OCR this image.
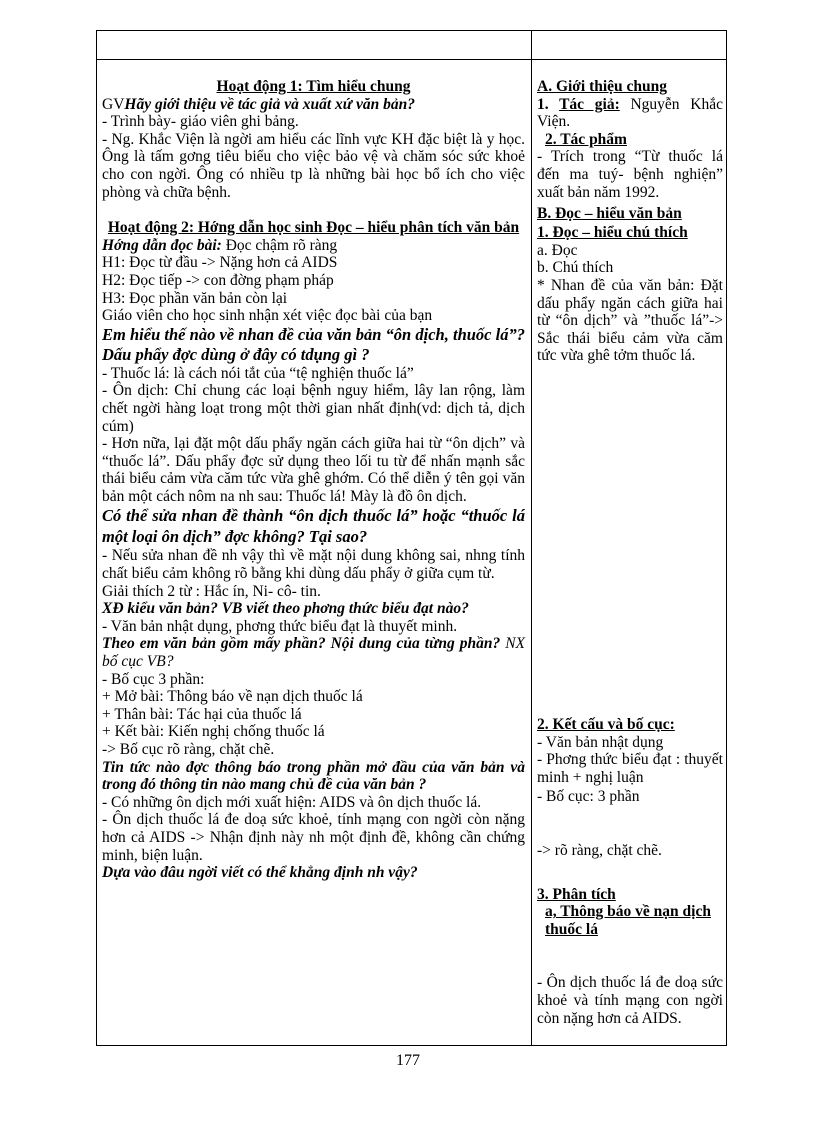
Hoạt động 1: Tìm hiểu chung

GVHãy giới thiệu về tác giả và xuất xứ văn bản?

- Trình bày- giáo viên ghi bảng.

- Ng. Khắc Viện là ngời am hiểu các lĩnh vực KH đặc biệt là y học. Ông là tấm gơng tiêu biểu cho việc bảo vệ và chăm sóc sức khoẻ cho con ngời. Ông có nhiều tp là những bài học bổ ích cho việc phòng và chữa bệnh.

Hoạt động 2: Hớng dẫn học sinh Đọc – hiểu phân tích văn bản

Hớng dẫn đọc bài: Đọc chậm rõ ràng

H1: Đọc từ đầu -> Nặng hơn cả AIDS

H2: Đọc tiếp -> con đờng phạm pháp

H3: Đọc phần văn bản còn lại

Giáo viên cho học sinh nhận xét việc đọc bài của bạn

Em hiểu thế nào về nhan đề của văn bản “ôn dịch, thuốc lá”?Dấu phẩy đợc dùng ở đây có tdụng gì ?

- Thuốc lá: là cách nói tắt của “tệ nghiện thuốc lá”

- Ôn dịch: Chỉ chung các loại bệnh nguy hiểm, lây lan rộng, làm chết ngời hàng loạt trong một thời gian nhất định(vd: dịch tả, dịch cúm)

- Hơn nữa, lại đặt một dấu phẩy ngăn cách giữa hai từ “ôn dịch” và “thuốc lá”. Dấu phẩy đợc sử dụng theo lối tu từ để nhấn mạnh sắc thái biểu cảm vừa căm tức vừa ghê ghớm. Có thể diễn ý tên gọi văn bản một cách nôm na nh sau: Thuốc lá! Mày là đồ ôn dịch.

Có thể sửa nhan đề thành “ôn dịch thuốc lá” hoặc “thuốc lá một loại ôn dịch” đợc không? Tại sao?

- Nếu sửa nhan đề nh vậy thì về mặt nội dung không sai, nhng tính chất biểu cảm không rõ bằng khi dùng dấu phẩy ở giữa cụm từ.

Giải thích 2 từ : Hắc ín, Ni- cô- tin.

XĐ kiểu văn bản? VB viết theo phơng thức biểu đạt nào?

- Văn bản nhật dụng, phơng thức biểu đạt là thuyết minh.

Theo em văn bản gồm mấy phần? Nội dung của từng phần? NX bố cục VB?

- Bố cục 3 phần:

+ Mở bài: Thông báo về nạn dịch thuốc lá

+ Thân bài: Tác hại của thuốc lá

+ Kết bài: Kiến nghị chống thuốc lá

-> Bố cục rõ ràng, chặt chẽ.

Tin tức nào đợc thông báo trong phần mở đầu của văn bản và trong đó thông tin nào mang chủ đề của văn bản ?

- Có những ôn dịch mới xuất hiện: AIDS và ôn dịch thuốc lá.

- Ôn dịch thuốc lá đe doạ sức khoẻ, tính mạng con ngời còn nặng hơn cả AIDS -> Nhận định này nh một định đề, không cần chứng minh, biện luận.

Dựa vào đâu ngời viết có thể khẳng định nh vậy?

A. Giới thiệu chung

1. Tác giả: Nguyễn Khắc Viện.

2. Tác phẩm

- Trích trong “Từ thuốc lá đến ma tuý- bệnh nghiện” xuất bản năm 1992.

B. Đọc – hiểu văn bản

1. Đọc – hiểu chú thích

a. Đọc

b. Chú thích

* Nhan đề của văn bản: Đặt dấu phẩy ngăn cách giữa hai từ “ôn dịch” và ”thuốc lá”-> Sắc thái biểu cảm vừa căm tức vừa ghê tởm thuốc lá.

2. Kết cấu và bố cục:

- Văn bản nhật dụng

- Phơng thức biểu đạt : thuyết minh + nghị luận

- Bố cục: 3 phần

-> rõ ràng, chặt chẽ.

3. Phân tích

a, Thông báo về nạn dịch thuốc lá

- Ôn dịch thuốc lá đe doạ sức khoẻ và tính mạng con ngời còn nặng hơn cả AIDS.

177
